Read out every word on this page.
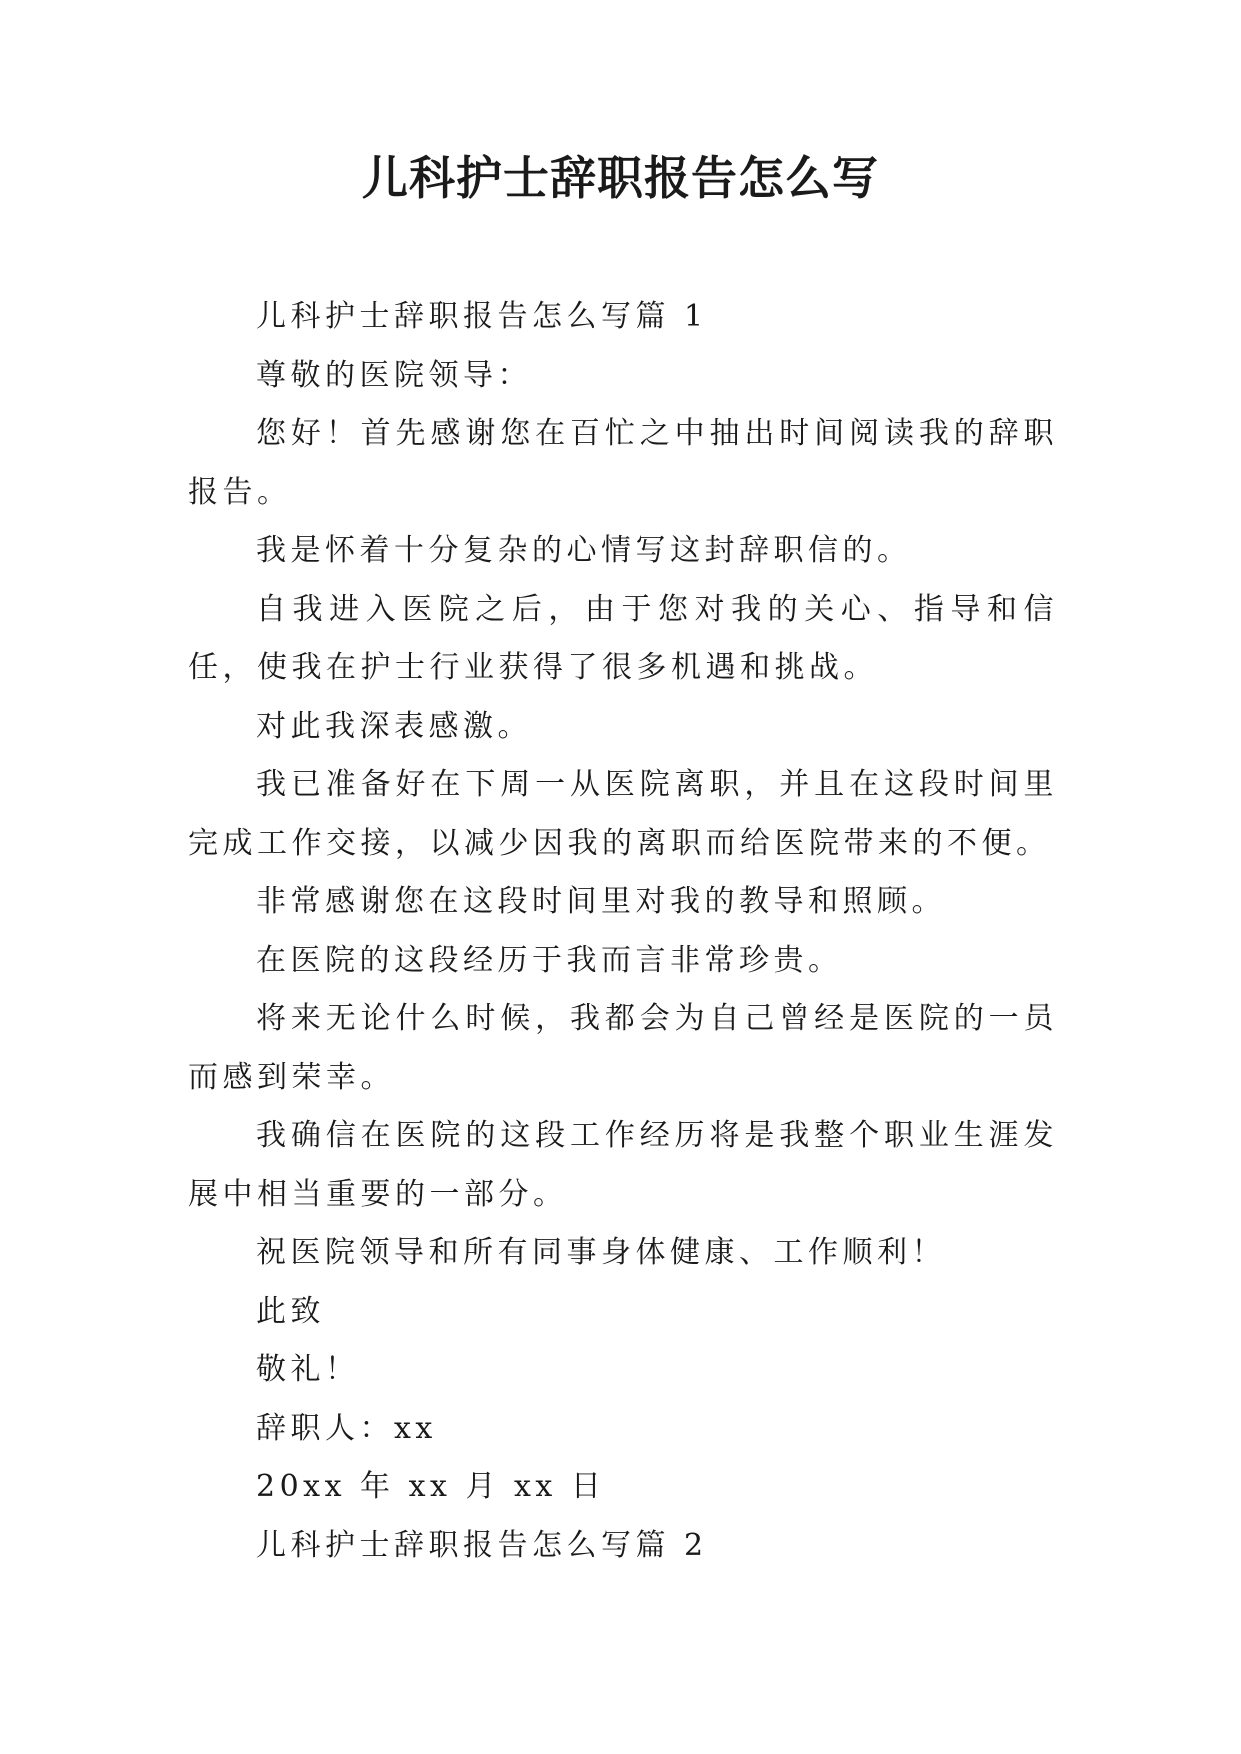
儿科护士辞职报告怎么写

儿科护士辞职报告怎么写篇 1

尊敬的医院领导：

您好！首先感谢您在百忙之中抽出时间阅读我的辞职报告。

我是怀着十分复杂的心情写这封辞职信的。

自我进入医院之后，由于您对我的关心、指导和信任，使我在护士行业获得了很多机遇和挑战。

对此我深表感激。

我已准备好在下周一从医院离职，并且在这段时间里完成工作交接，以减少因我的离职而给医院带来的不便。

非常感谢您在这段时间里对我的教导和照顾。

在医院的这段经历于我而言非常珍贵。

将来无论什么时候，我都会为自己曾经是医院的一员而感到荣幸。

我确信在医院的这段工作经历将是我整个职业生涯发展中相当重要的一部分。

祝医院领导和所有同事身体健康、工作顺利！

此致

敬礼！

辞职人：xx

20xx 年 xx 月 xx 日

儿科护士辞职报告怎么写篇 2
